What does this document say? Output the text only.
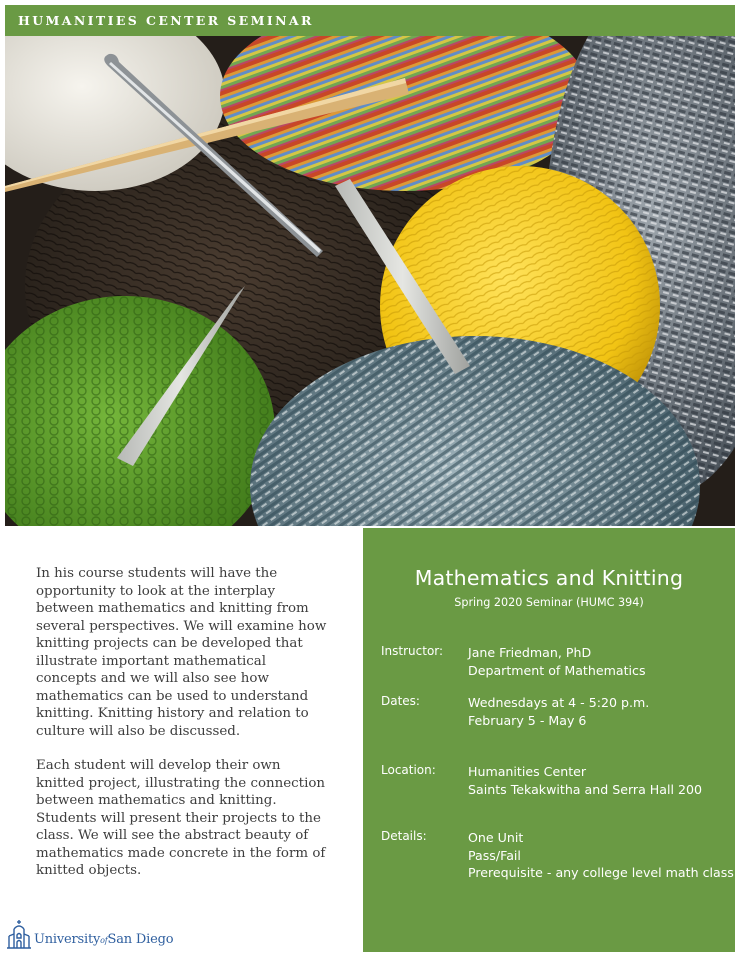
HUMANITIES CENTER SEMINAR

In his course students will have the opportunity to look at the interplay between mathematics and knitting from several perspectives. We will examine how knitting projects can be developed that illustrate important mathematical concepts and we will also see how mathematics can be used to understand knitting. Knitting history and relation to culture will also be discussed.

Each student will develop their own knitted project, illustrating the connection between mathematics and knitting. Students will present their projects to the class. We will see the abstract beauty of mathematics made concrete in the form of knitted objects.

Mathematics and Knitting
Spring 2020 Seminar (HUMC 394)
Instructor: Jane Friedman, PhD
Department of Mathematics
Dates:	Wednesdays at 4 - 5:20 p.m.
February 5 - May 6
Location:	Humanities Center
Saints Tekakwitha and Serra Hall 200
Details:	One Unit
Pass/Fail
Prerequisite - any college level math class
UniversityofSan Diego
